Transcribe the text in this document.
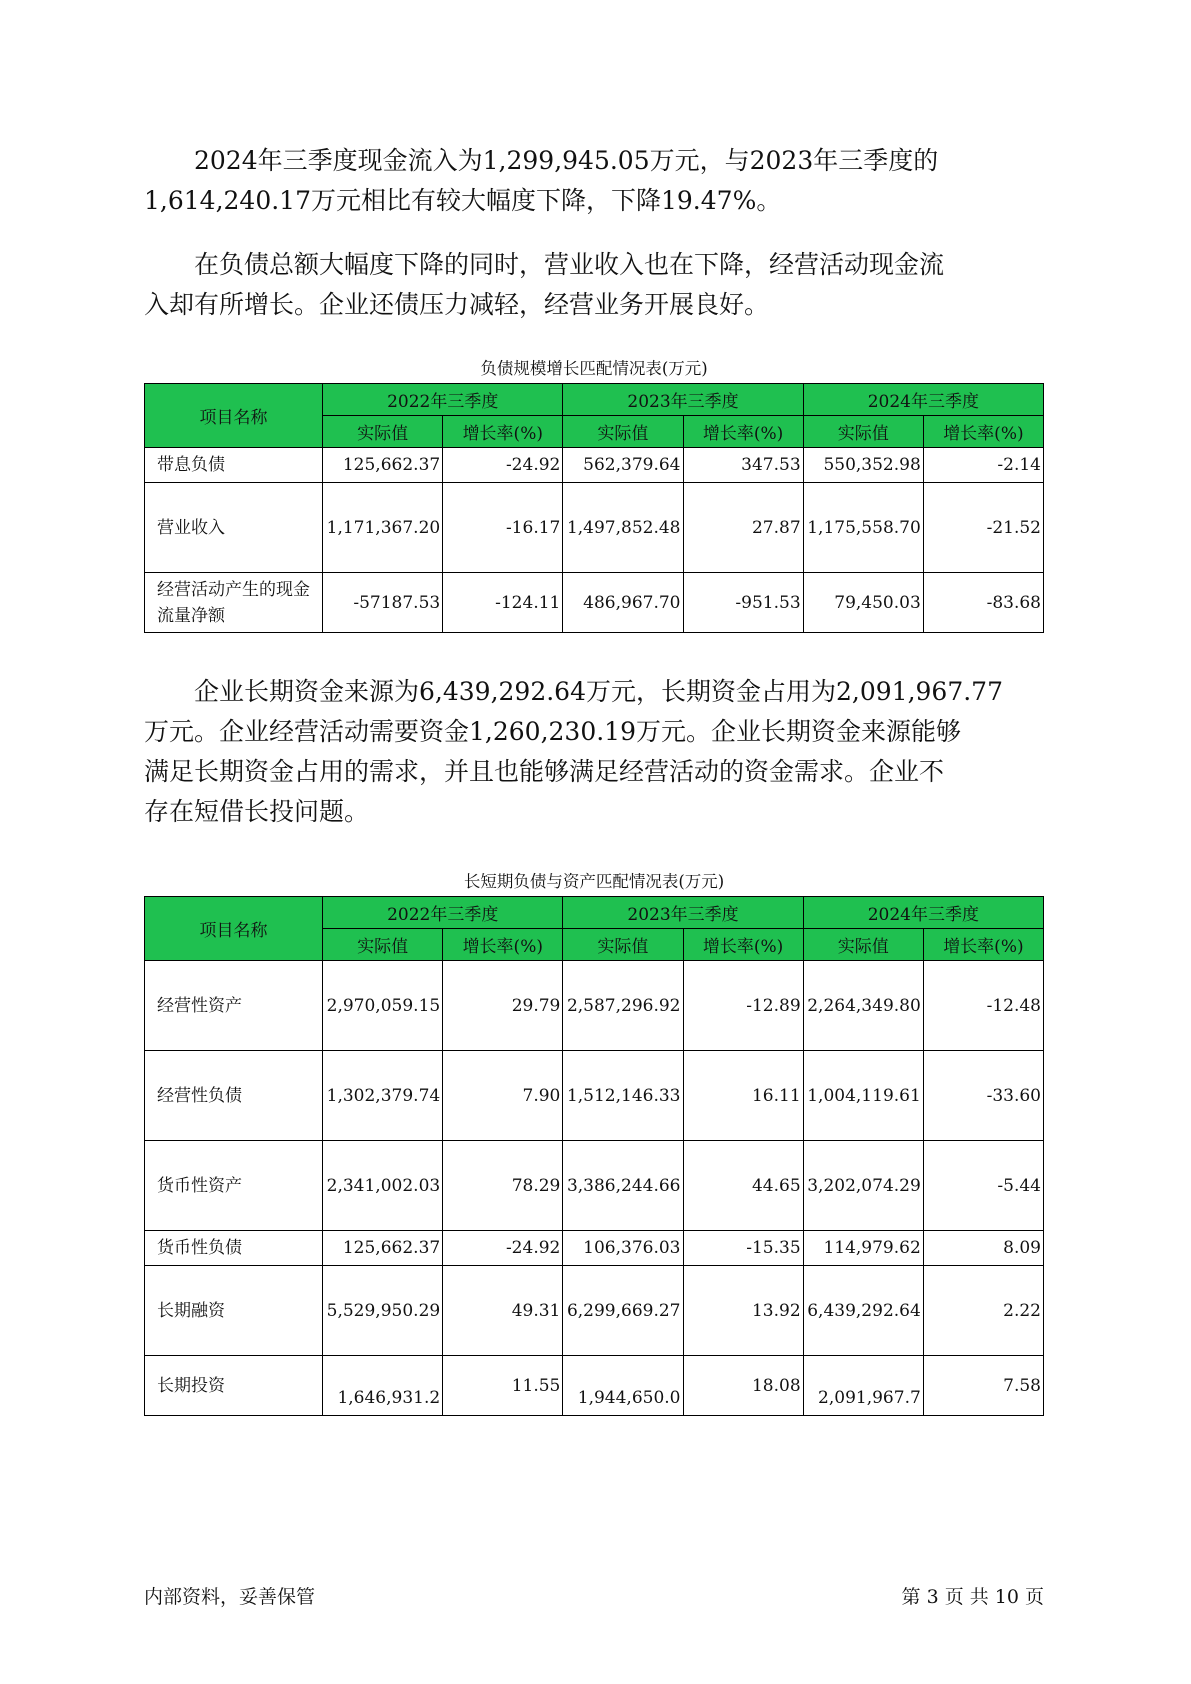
2024年三季度现金流入为1,299,945.05万元，与2023年三季度的
1,614,240.17万元相比有较大幅度下降，下降19.47%。

在负债总额大幅度下降的同时，营业收入也在下降，经营活动现金流
入却有所增长。企业还债压力减轻，经营业务开展良好。

负债规模增长匹配情况表(万元)
项目名称	2022年三季度		2023年三季度		2024年三季度	
	实际值	增长率(%)	实际值	增长率(%)	实际值	增长率(%)
带息负债	125,662.37	-24.92	562,379.64	347.53	550,352.98	-2.14
营业收入	1,171,367.20	-16.17	1,497,852.48	27.87	1,175,558.70	-21.52
经营活动产生的现金流量净额	-57187.53	-124.11	486,967.70	-951.53	79,450.03	-83.68

企业长期资金来源为6,439,292.64万元，长期资金占用为2,091,967.77
万元。企业经营活动需要资金1,260,230.19万元。企业长期资金来源能够
满足长期资金占用的需求，并且也能够满足经营活动的资金需求。企业不
存在短借长投问题。

长短期负债与资产匹配情况表(万元)
项目名称	2022年三季度		2023年三季度		2024年三季度	
	实际值	增长率(%)	实际值	增长率(%)	实际值	增长率(%)
经营性资产	2,970,059.15	29.79	2,587,296.92	-12.89	2,264,349.80	-12.48
经营性负债	1,302,379.74	7.90	1,512,146.33	16.11	1,004,119.61	-33.60
货币性资产	2,341,002.03	78.29	3,386,244.66	44.65	3,202,074.29	-5.44
货币性负债	125,662.37	-24.92	106,376.03	-15.35	114,979.62	8.09
长期融资	5,529,950.29	49.31	6,299,669.27	13.92	6,439,292.64	2.22
长期投资	1,646,931.2	11.55	1,944,650.0	18.08	2,091,967.7	7.58
内部资料，妥善保管	第 3 页 共 10 页
